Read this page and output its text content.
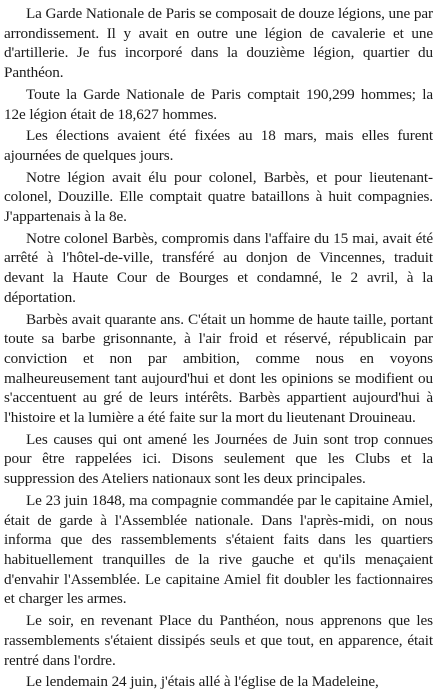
La Garde Nationale de Paris se composait de douze légions, une par arrondissement. Il y avait en outre une légion de cavalerie et une d'artillerie. Je fus incorporé dans la douzième légion, quartier du Panthéon.

Toute la Garde Nationale de Paris comptait 190,299 hommes; la 12e légion était de 18,627 hommes.

Les élections avaient été fixées au 18 mars, mais elles furent ajournées de quelques jours.

Notre légion avait élu pour colonel, Barbès, et pour lieutenant-colonel, Douzille. Elle comptait quatre bataillons à huit compagnies. J'appartenais à la 8e.

Notre colonel Barbès, compromis dans l'affaire du 15 mai, avait été arrêté à l'hôtel-de-ville, transféré au donjon de Vincennes, traduit devant la Haute Cour de Bourges et condamné, le 2 avril, à la déportation.

Barbès avait quarante ans. C'était un homme de haute taille, portant toute sa barbe grisonnante, à l'air froid et réservé, républicain par conviction et non par ambition, comme nous en voyons malheureusement tant aujourd'hui et dont les opinions se modifient ou s'accentuent au gré de leurs intérêts. Barbès appartient aujourd'hui à l'histoire et la lumière a été faite sur la mort du lieutenant Drouineau.

Les causes qui ont amené les Journées de Juin sont trop connues pour être rappelées ici. Disons seulement que les Clubs et la suppression des Ateliers nationaux sont les deux principales.

Le 23 juin 1848, ma compagnie commandée par le capitaine Amiel, était de garde à l'Assemblée nationale. Dans l'après-midi, on nous informa que des rassemblements s'étaient faits dans les quartiers habituellement tranquilles de la rive gauche et qu'ils menaçaient d'envahir l'Assemblée. Le capitaine Amiel fit doubler les factionnaires et charger les armes.

Le soir, en revenant Place du Panthéon, nous apprenons que les rassemblements s'étaient dissipés seuls et que tout, en apparence, était rentré dans l'ordre.

Le lendemain 24 juin, j'étais allé à l'église de la Madeleine,
